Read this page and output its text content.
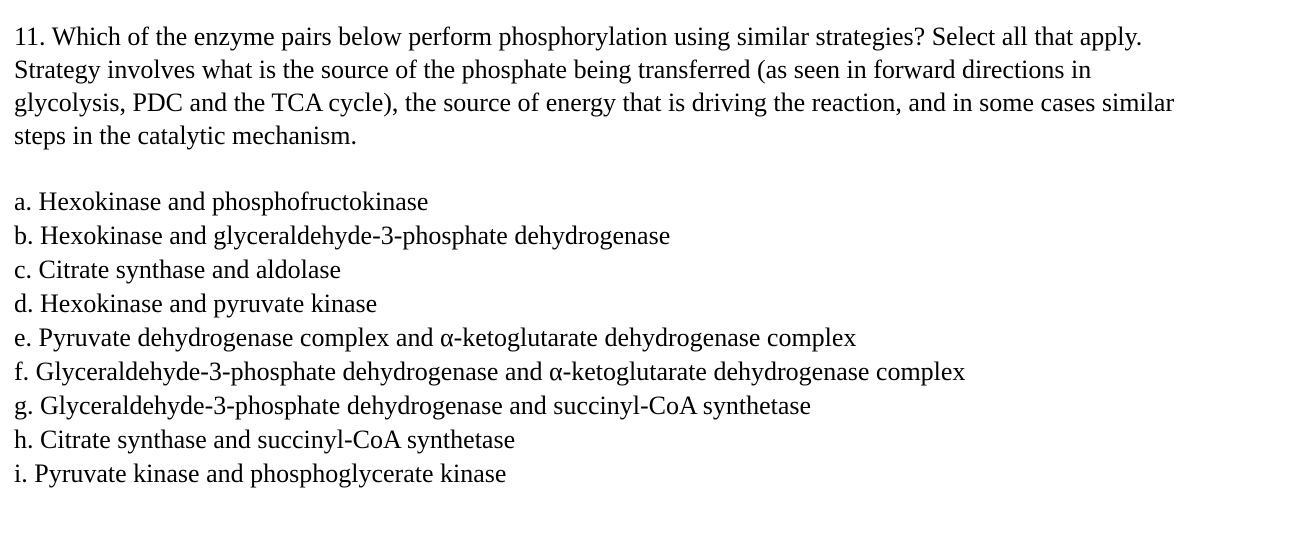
11. Which of the enzyme pairs below perform phosphorylation using similar strategies? Select all that apply.
Strategy involves what is the source of the phosphate being transferred (as seen in forward directions in
glycolysis, PDC and the TCA cycle), the source of energy that is driving the reaction, and in some cases similar
steps in the catalytic mechanism.

a. Hexokinase and phosphofructokinase
b. Hexokinase and glyceraldehyde-3-phosphate dehydrogenase
c. Citrate synthase and aldolase
d. Hexokinase and pyruvate kinase
e. Pyruvate dehydrogenase complex and α-ketoglutarate dehydrogenase complex
f. Glyceraldehyde-3-phosphate dehydrogenase and α-ketoglutarate dehydrogenase complex
g. Glyceraldehyde-3-phosphate dehydrogenase and succinyl-CoA synthetase
h. Citrate synthase and succinyl-CoA synthetase
i. Pyruvate kinase and phosphoglycerate kinase
